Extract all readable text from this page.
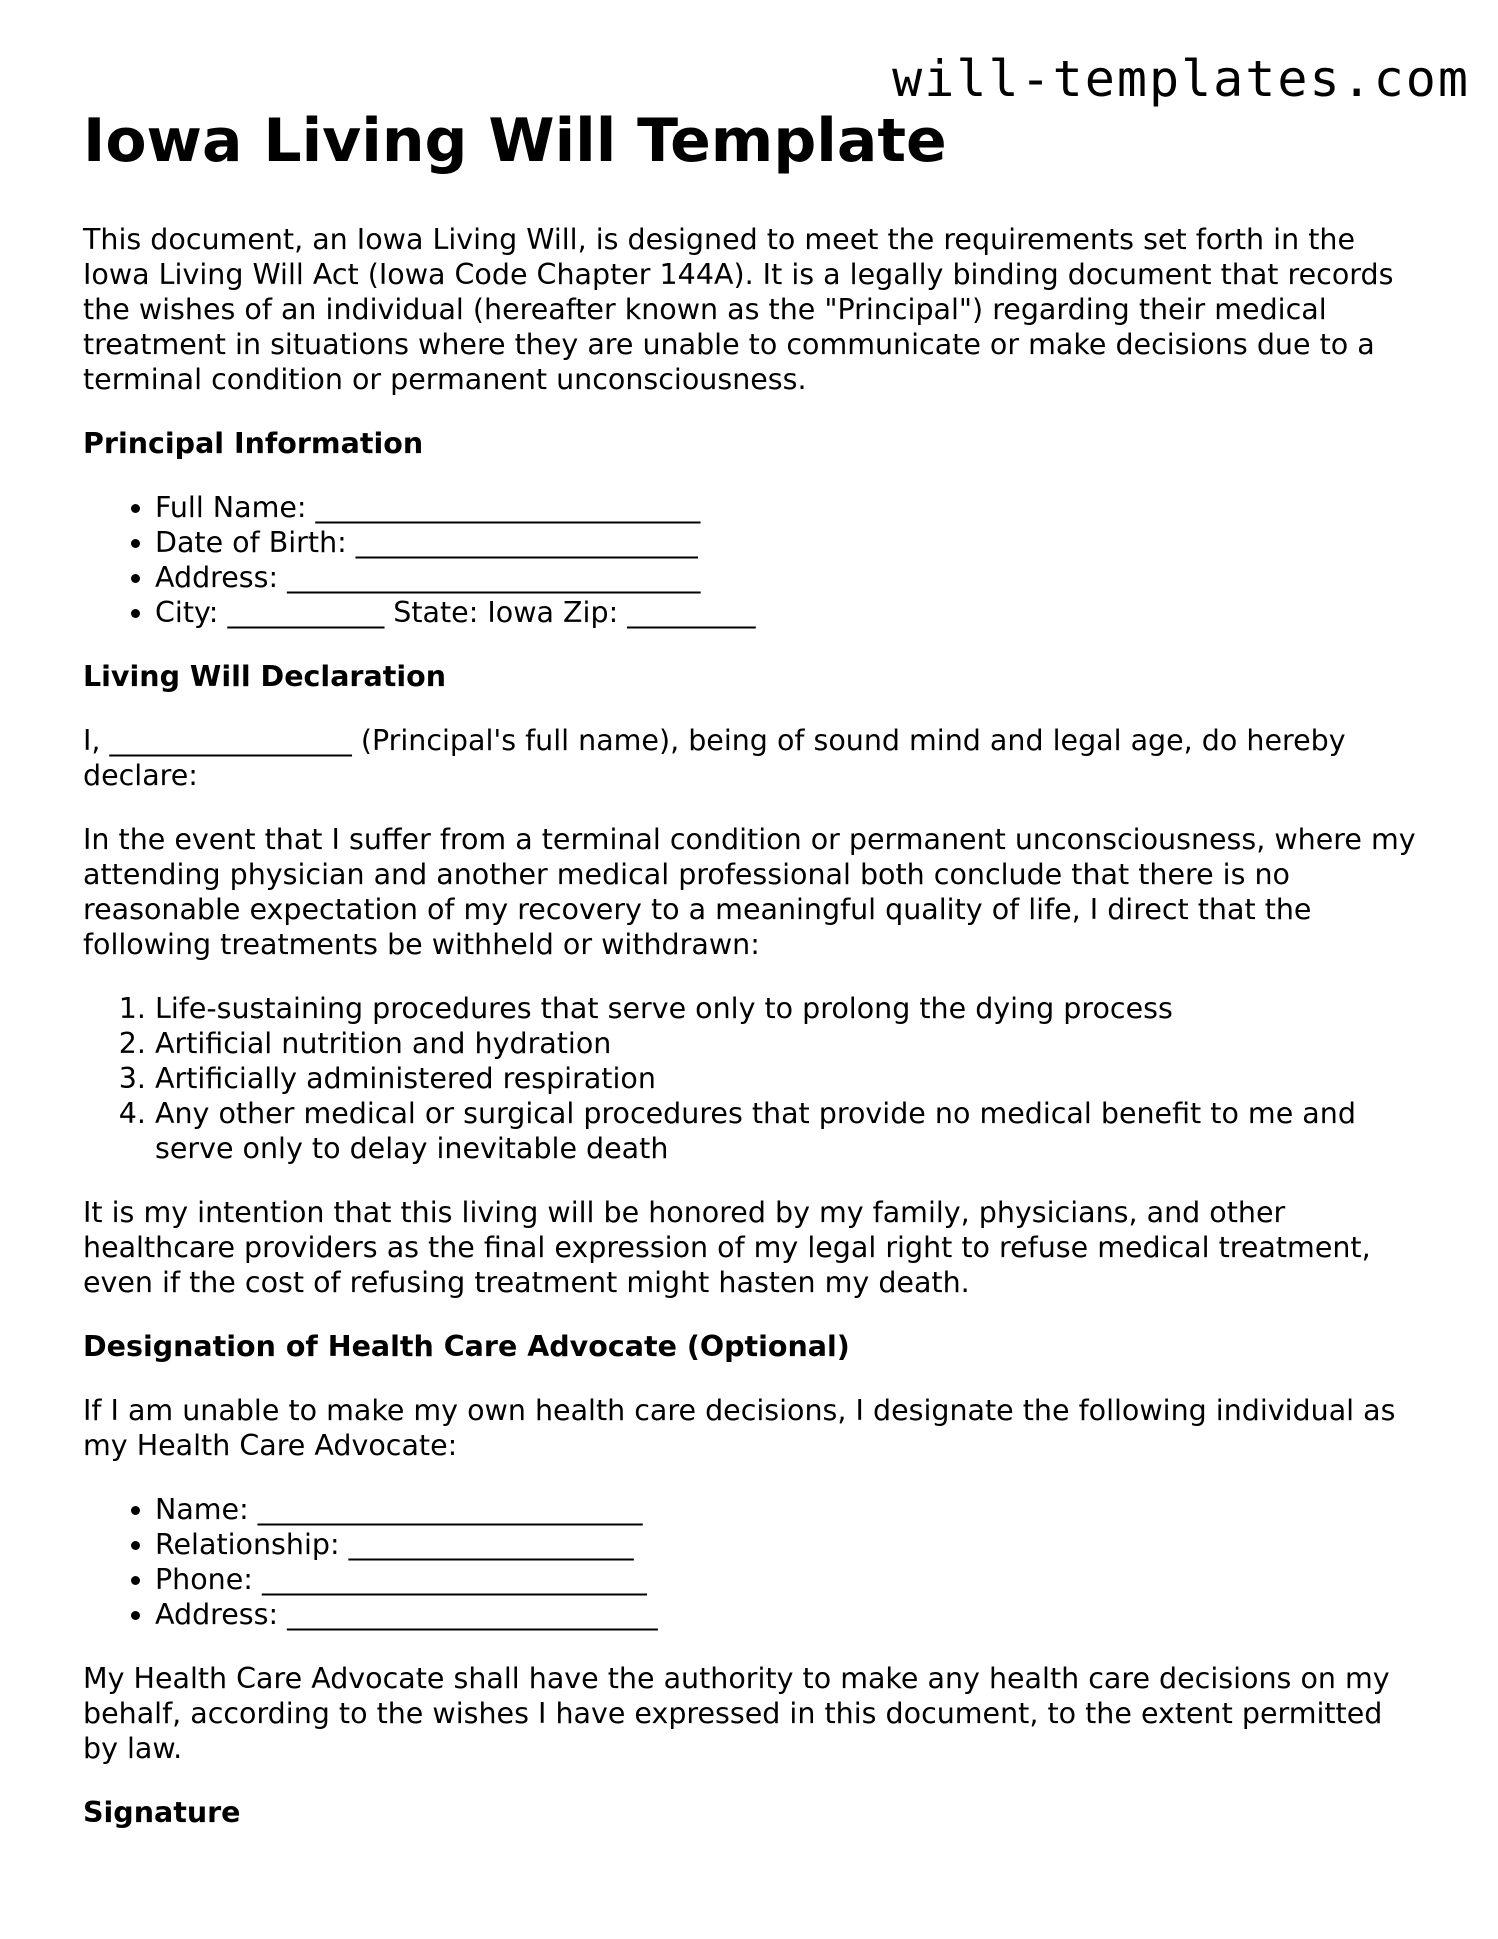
will-templates.com
Iowa Living Will Template

This document, an Iowa Living Will, is designed to meet the requirements set forth in the Iowa Living Will Act (Iowa Code Chapter 144A). It is a legally binding document that records the wishes of an individual (hereafter known as the "Principal") regarding their medical treatment in situations where they are unable to communicate or make decisions due to a terminal condition or permanent unconsciousness.

Principal Information
• Full Name: ___________________________
• Date of Birth: ________________________
• Address: _____________________________
• City: ___________ State: Iowa Zip: _________
Living Will Declaration

I, _________________ (Principal's full name), being of sound mind and legal age, do hereby declare:

In the event that I suffer from a terminal condition or permanent unconsciousness, where my attending physician and another medical professional both conclude that there is no reasonable expectation of my recovery to a meaningful quality of life, I direct that the following treatments be withheld or withdrawn:

1. Life-sustaining procedures that serve only to prolong the dying process
2. Artificial nutrition and hydration
3. Artificially administered respiration
4. Any other medical or surgical procedures that provide no medical benefit to me and serve only to delay inevitable death

It is my intention that this living will be honored by my family, physicians, and other healthcare providers as the final expression of my legal right to refuse medical treatment, even if the cost of refusing treatment might hasten my death.

Designation of Health Care Advocate (Optional)

If I am unable to make my own health care decisions, I designate the following individual as my Health Care Advocate:

• Name: ___________________________
• Relationship: ____________________
• Phone: ___________________________
• Address: __________________________

My Health Care Advocate shall have the authority to make any health care decisions on my behalf, according to the wishes I have expressed in this document, to the extent permitted by law.

Signature
